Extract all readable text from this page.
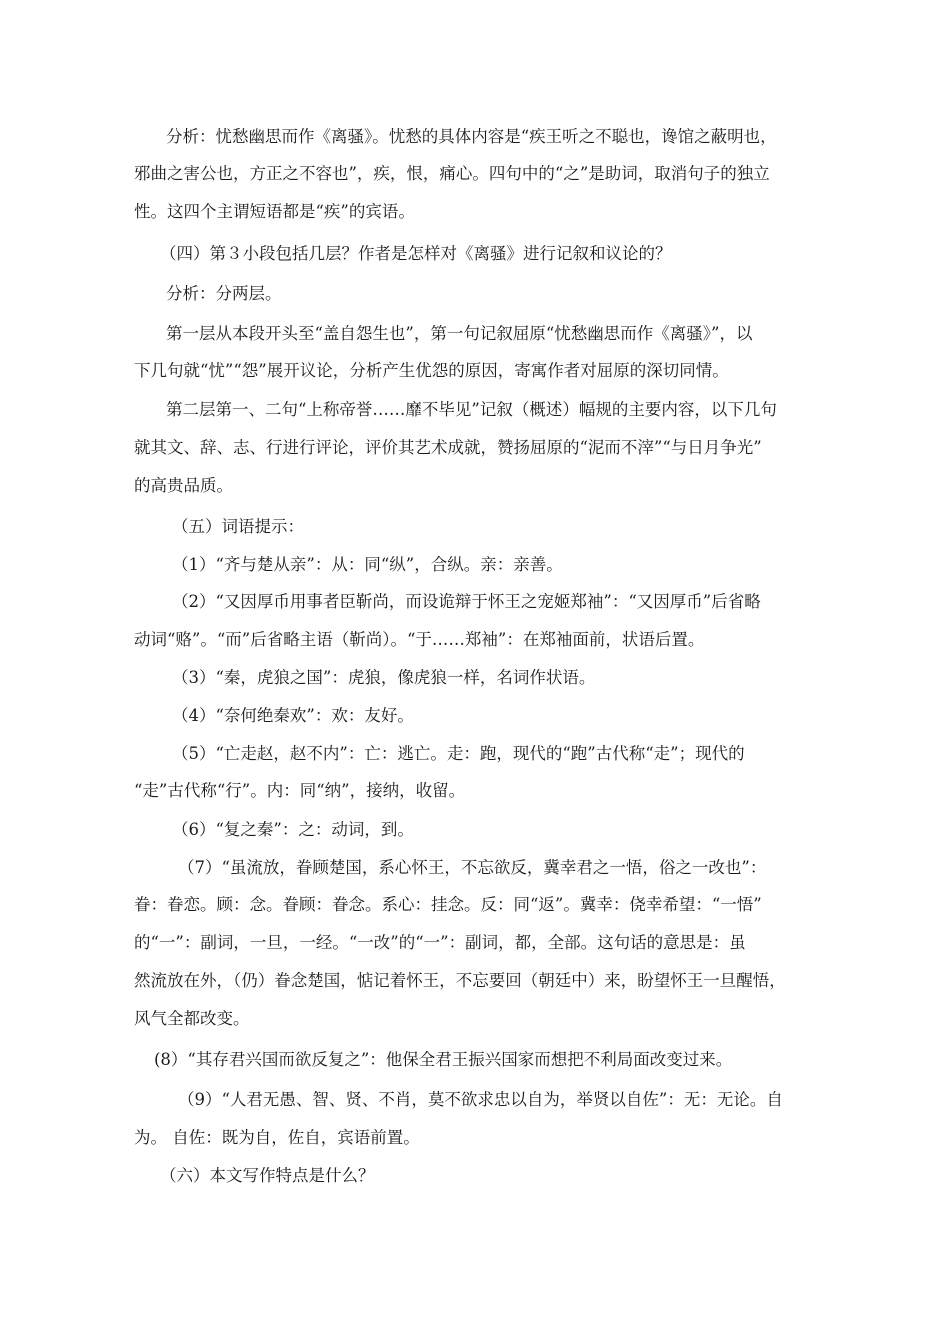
分析：忧愁幽思而作《离骚》。忧愁的具体内容是“疾王听之不聪也，谗馆之蔽明也，
邪曲之害公也，方正之不容也”，疾，恨，痛心。四句中的“之”是助词，取消句子的独立
性。这四个主谓短语都是“疾”的宾语。
（四）第３小段包括几层？作者是怎样对《离骚》进行记叙和议论的？
分析：分两层。
第一层从本段开头至“盖自怨生也”，第一句记叙屈原“忧愁幽思而作《离骚》”，以
下几句就“忧”“怨”展开议论，分析产生优怨的原因，寄寓作者对屈原的深切同情。
第二层第一、二句“上称帝誉……靡不毕见”记叙（概述）幅规的主要内容，以下几句
就其文、辞、志、行进行评论，评价其艺术成就，赞扬屈原的“泥而不滓”“与日月争光”
的高贵品质。
（五）词语提示：
（1）“齐与楚从亲”：从：同“纵”，合纵。亲：亲善。
（2）“又因厚币用事者臣靳尚，而设诡辩于怀王之宠姬郑袖”：“又因厚币”后省略
动词“赂”。“而”后省略主语（靳尚）。“于……郑袖”：在郑袖面前，状语后置。
（3）“秦，虎狼之国”：虎狼，像虎狼一样，名词作状语。
（4）“奈何绝秦欢”：欢：友好。
（5）“亡走赵，赵不内”：亡：逃亡。走：跑，现代的“跑”古代称“走”；现代的
“走”古代称“行”。内：同“纳”，接纳，收留。
（6）“复之秦”：之：动词，到。
（7）“虽流放，眷顾楚国，系心怀王，不忘欲反，冀幸君之一悟，俗之一改也”：
眷：眷恋。顾：念。眷顾：眷念。系心：挂念。反：同“返”。冀幸：侥幸希望：“一悟”
的“一”：副词，一旦，一经。“一改”的“一”：副词，都，全部。这句话的意思是：虽
然流放在外，（仍）眷念楚国，惦记着怀王，不忘要回（朝廷中）来，盼望怀王一旦醒悟，
风气全都改变。
(8）“其存君兴国而欲反复之”：他保全君王振兴国家而想把不利局面改变过来。
（9）“人君无愚、智、贤、不肖，莫不欲求忠以自为，举贤以自佐”：无：无论。自
为。 自佐：既为自，佐自，宾语前置。
（六）本文写作特点是什么？
